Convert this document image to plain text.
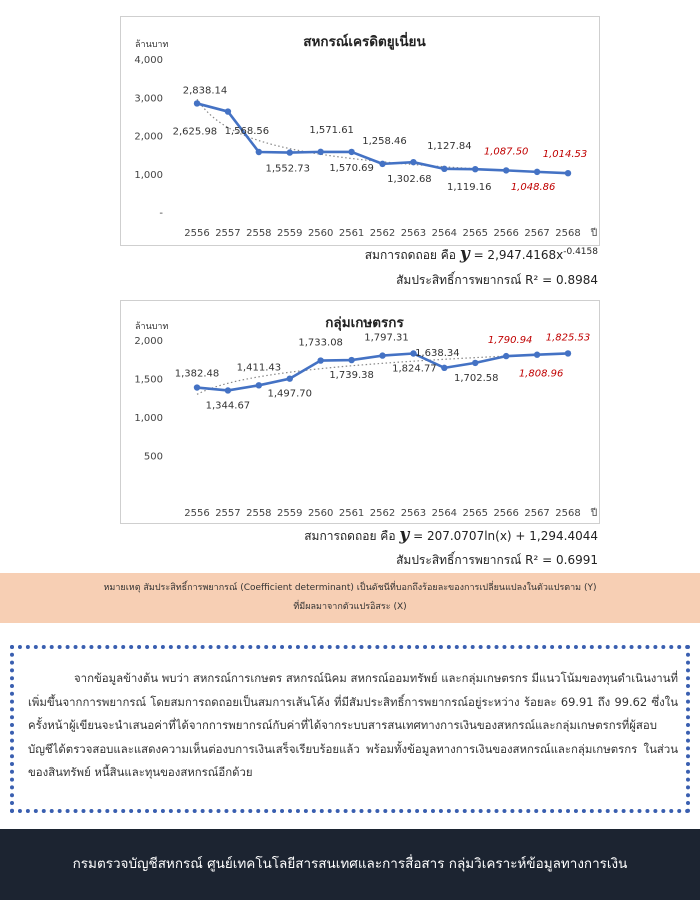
สหกรณ์เครดิตยูเนี่ยน
ล้านบาท
-
1,000
2,000
3,000
4,000
2556 2557 2558 2559 2560 2561 2562 2563 2564 2565 2566 2567 2568 ปี
2,838.14
2,625.98 1,568.56
1,552.73
1,571.61
1,570.69
1,258.46
1,302.68
1,127.84
1,119.16
1,087.50
1,048.86
1,014.53
สมการถดถอย คือ $y = 2,947.4168x^{-0.4158}$
สัมประสิทธิ์การพยากรณ์ R² = 0.8984
กลุ่มเกษตรกร
ล้านบาท
500
1,000
1,500
2,000
2556 2557 2558 2559 2560 2561 2562 2563 2564 2565 2566 2567 2568 ปี
1,382.48
1,344.67
1,411.43
1,497.70
1,733.08
1,739.38
1,797.31
1,824.77
1,638.34
1,702.58
1,790.94
1,808.96
1,825.53
สมการถดถอย คือ y = 207.0707ln(x) + 1,294.4044
สัมประสิทธิ์การพยากรณ์ R² = 0.6991
หมายเหตุ สัมประสิทธิ์การพยากรณ์ (Coefficient determinant) เป็นดัชนีที่บอกถึงร้อยละของการเปลี่ยนแปลงในตัวแปรตาม (Y)
ที่มีผลมาจากตัวแปรอิสระ (X)
จากข้อมูลข้างต้น พบว่า สหกรณ์การเกษตร สหกรณ์นิคม สหกรณ์ออมทรัพย์ และกลุ่มเกษตรกร มีแนวโน้มของทุนดำเนินงานที่เพิ่มขึ้นจากการพยากรณ์ โดยสมการถดถอยเป็นสมการเส้นโค้ง ที่มีสัมประสิทธิ์การพยากรณ์อยู่ระหว่าง ร้อยละ 69.91 ถึง 99.62 ซึ่งในครั้งหน้าผู้เขียนจะนำเสนอค่าที่ได้จากการพยากรณ์กับค่าที่ได้จากระบบสารสนเทศทางการเงินของสหกรณ์และกลุ่มเกษตรกรที่ผู้สอบบัญชีได้ตรวจสอบและแสดงความเห็นต่องบการเงินเสร็จเรียบร้อยแล้ว พร้อมทั้งข้อมูลทางการเงินของสหกรณ์และกลุ่มเกษตรกร ในส่วนของสินทรัพย์ หนี้สินและทุนของสหกรณ์อีกด้วย
กรมตรวจบัญชีสหกรณ์ ศูนย์เทคโนโลยีสารสนเทศและการสื่อสาร กลุ่มวิเคราะห์ข้อมูลทางการเงิน
